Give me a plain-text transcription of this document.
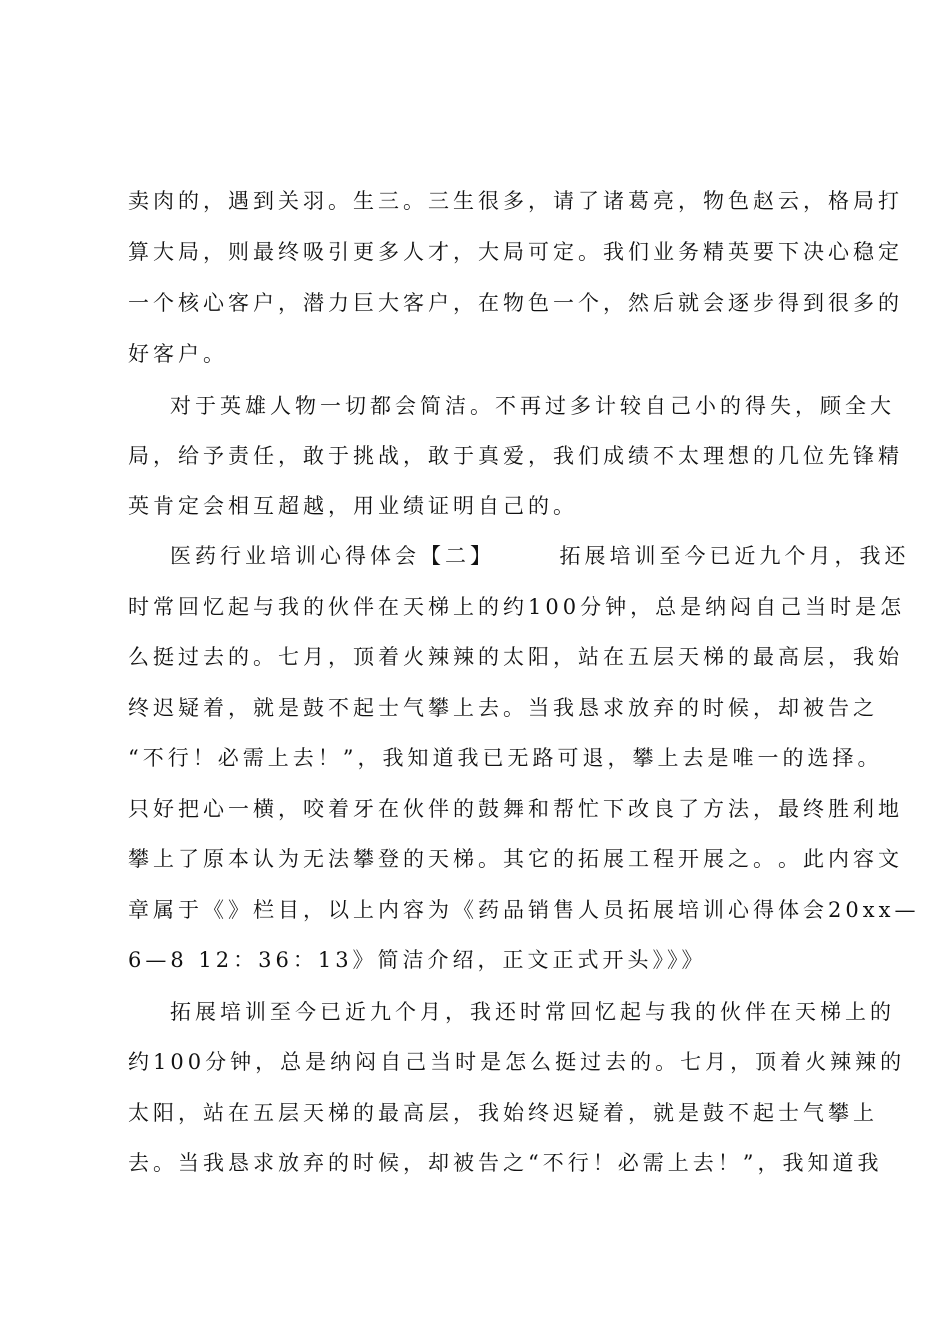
卖 肉 的 ， 遇 到 关 羽 。 生 三 。 三 生 很 多 ， 请 了 诸 葛 亮 ， 物 色 赵 云 ， 格 局 打
算 大 局 ， 则 最 终 吸 引 更 多 人 才 ， 大 局 可 定 。 我 们 业 务 精 英 要 下 决 心 稳 定
一 个 核 心 客 户 ， 潜 力 巨 大 客 户 ， 在 物 色 一 个 ， 然 后 就 会 逐 步 得 到 很 多 的
好客户。
对 于 英 雄 人 物 一 切 都 会 简 洁 。 不 再 过 多 计 较 自 己 小 的 得 失 ， 顾 全 大
局 ， 给 予 责 任 ， 敢 于 挑 战 ， 敢 于 真 爱 ， 我 们 成 绩 不 太 理 想 的 几 位 先 锋 精
英肯定会相互超越，用业绩证明自己的。
医药行业培训心得体会【二】　　　拓展培训至今已近九个月，我还
时 常 回 忆 起 与 我 的 伙 伴 在 天 梯 上 的 约 1 0 0 分 钟 ， 总 是 纳 闷 自 己 当 时 是 怎
么 挺 过 去 的 。 七 月 ， 顶 着 火 辣 辣 的 太 阳 ， 站 在 五 层 天 梯 的 最 高 层 ， 我 始
终 迟 疑 着 ， 就 是 鼓 不 起 士 气 攀 上 去 。 当 我 恳 求 放 弃 的 时 候 ， 却 被 告 之
“ 不 行 ！ 必 需 上 去 ！ ” ， 我 知 道 我 已 无 路 可 退 ， 攀 上 去 是 唯 一 的 选 择 。
只 好 把 心 一 横 ， 咬 着 牙 在 伙 伴 的 鼓 舞 和 帮 忙 下 改 良 了 方 法 ， 最 终 胜 利 地
攀 上 了 原 本 认 为 无 法 攀 登 的 天 梯 。 其 它 的 拓 展 工 程 开 展 之 。 。 此 内 容 文
章 属 于 《 》 栏 目 ， 以 上 内 容 为 《 药 品 销 售 人 员 拓 展 培 训 心 得 体 会 2 0 x x —
6—8 12：36：13》简洁介绍，正文正式开头》》》
拓 展 培 训 至 今 已 近 九 个 月 ， 我 还 时 常 回 忆 起 与 我 的 伙 伴 在 天 梯 上 的
约 1 0 0 分 钟 ， 总 是 纳 闷 自 己 当 时 是 怎 么 挺 过 去 的 。 七 月 ， 顶 着 火 辣 辣 的
太 阳 ， 站 在 五 层 天 梯 的 最 高 层 ， 我 始 终 迟 疑 着 ， 就 是 鼓 不 起 士 气 攀 上
去 。 当 我 恳 求 放 弃 的 时 候 ， 却 被 告 之 “ 不 行 ！ 必 需 上 去 ！ ” ， 我 知 道 我
